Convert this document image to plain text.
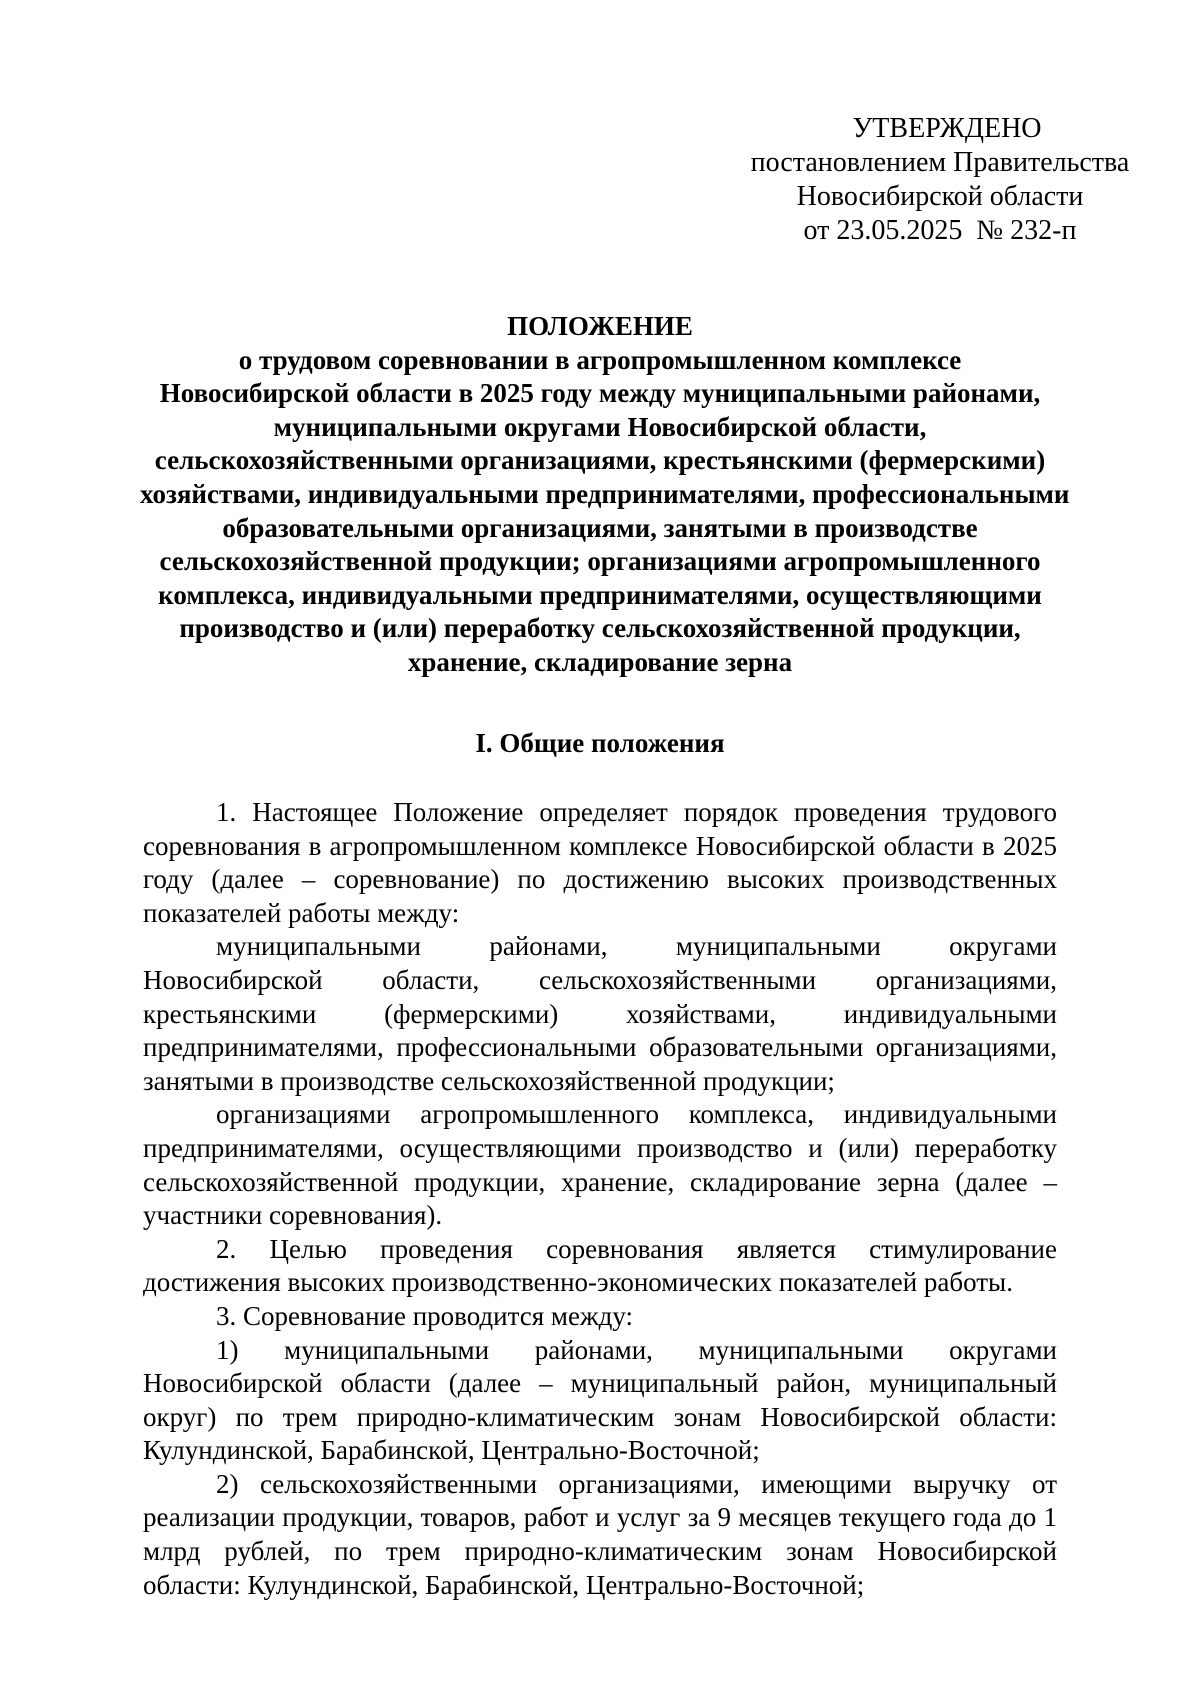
УТВЕРЖДЕНО
постановлением Правительства
Новосибирской области
от 23.05.2025  № 232-п
ПОЛОЖЕНИЕ
о трудовом соревновании в агропромышленном комплексе
Новосибирской области в 2025 году между муниципальными районами,
муниципальными округами Новосибирской области,
сельскохозяйственными организациями, крестьянскими (фермерскими)
хозяйствами, индивидуальными предпринимателями, профессиональными
образовательными организациями, занятыми в производстве
сельскохозяйственной продукции; организациями агропромышленного
комплекса, индивидуальными предпринимателями, осуществляющими
производство и (или) переработку сельскохозяйственной продукции,
хранение, складирование зерна
I. Общие положения

1. Настоящее Положение определяет порядок проведения трудового соревнования в агропромышленном комплексе Новосибирской области в 2025 году (далее – соревнование) по достижению высоких производственных показателей работы между:

муниципальными районами, муниципальными округами Новосибирской области, сельскохозяйственными организациями, крестьянскими (фермерскими) хозяйствами, индивидуальными предпринимателями, профессиональными образовательными организациями, занятыми в производстве сельскохозяйственной продукции;

организациями агропромышленного комплекса, индивидуальными предпринимателями, осуществляющими производство и (или) переработку сельскохозяйственной продукции, хранение, складирование зерна (далее – участники соревнования).

2. Целью проведения соревнования является стимулирование достижения высоких производственно-экономических показателей работы.

3. Соревнование проводится между:

1) муниципальными районами, муниципальными округами Новосибирской области (далее – муниципальный район, муниципальный округ) по трем природно-климатическим зонам Новосибирской области: Кулундинской, Барабинской, Центрально-Восточной;

2) сельскохозяйственными организациями, имеющими выручку от реализации продукции, товаров, работ и услуг за 9 месяцев текущего года до 1 млрд рублей, по трем природно-климатическим зонам Новосибирской области: Кулундинской, Барабинской, Центрально-Восточной;
